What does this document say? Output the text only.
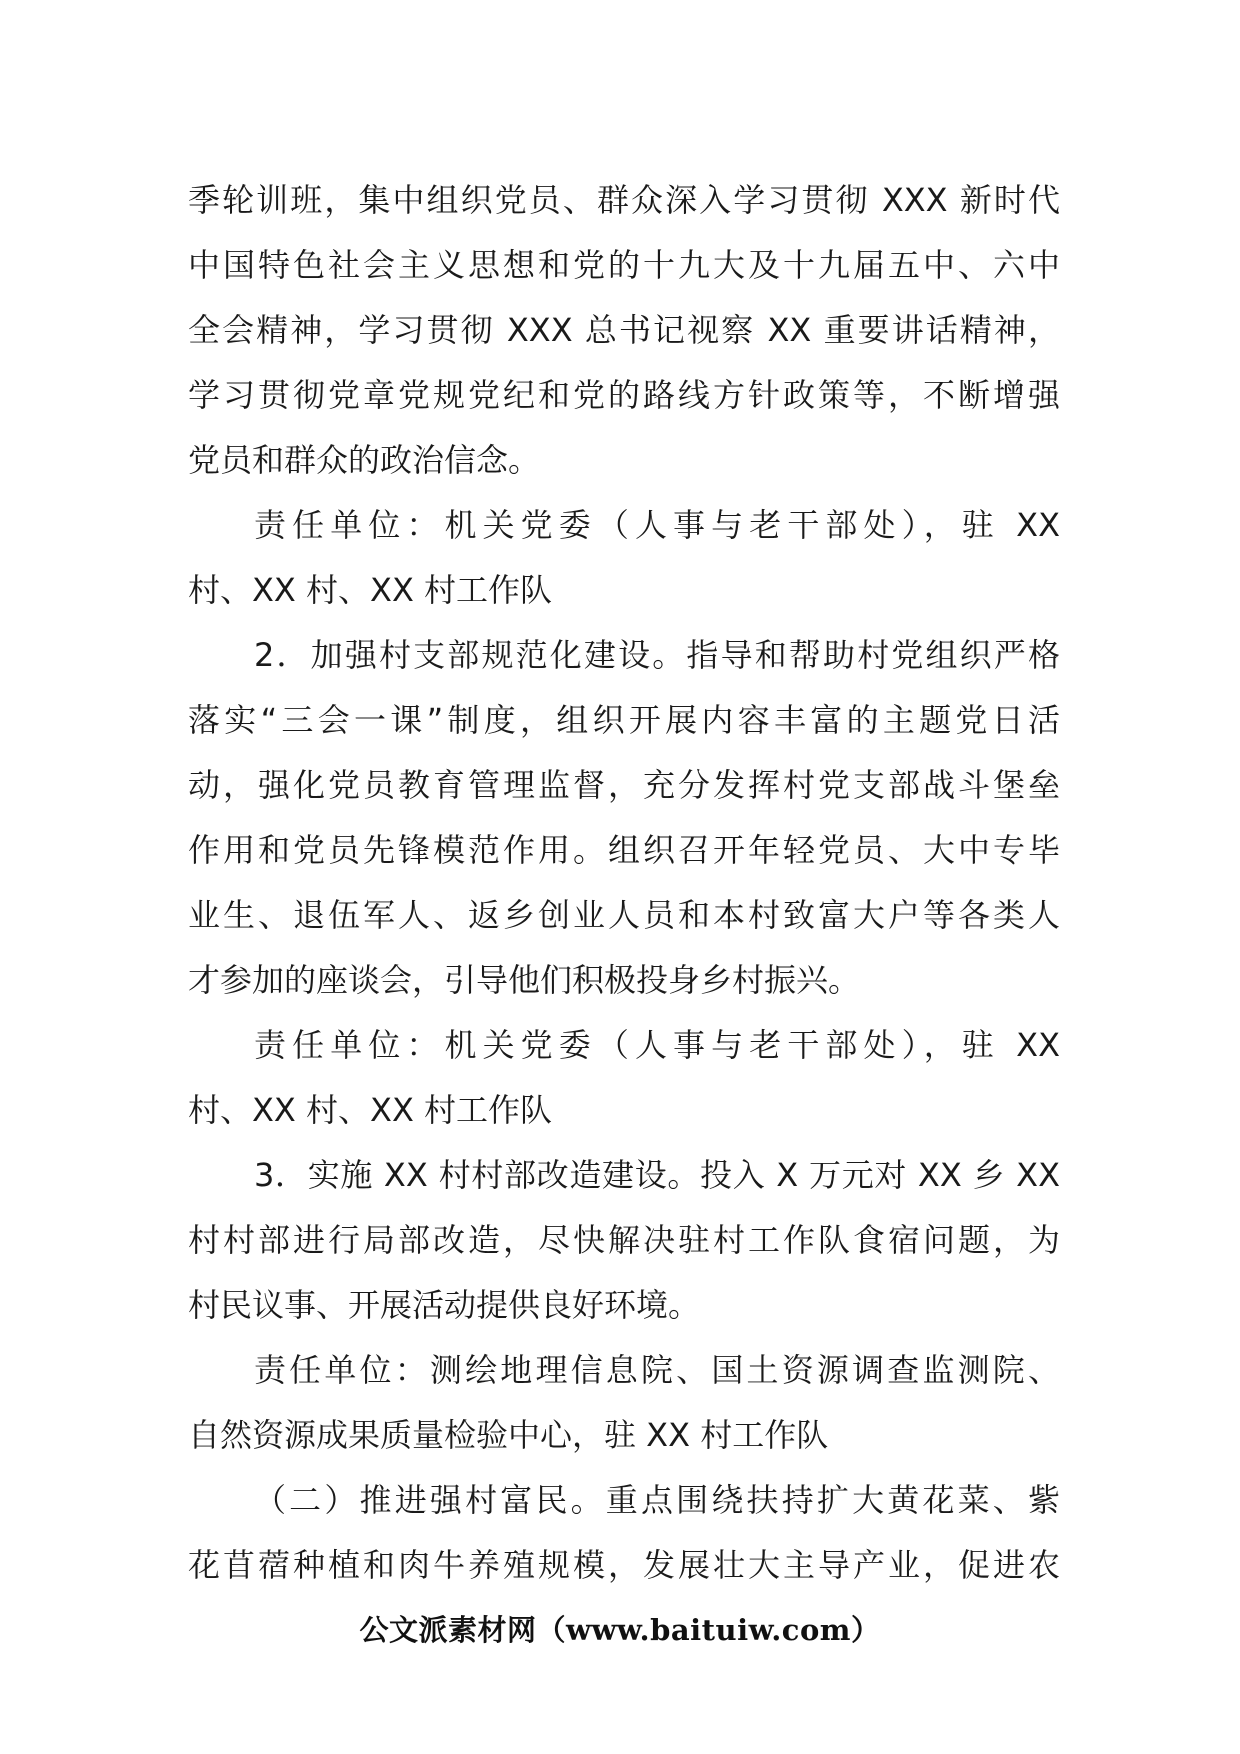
季轮训班，集中组织党员、群众深入学习贯彻 XXX 新时代
中国特色社会主义思想和党的十九大及十九届五中、六中
全会精神，学习贯彻 XXX 总书记视察 XX 重要讲话精神，
学习贯彻党章党规党纪和党的路线方针政策等，不断增强
党员和群众的政治信念。
责任单位：机关党委（人事与老干部处），驻 XX
村、XX 村、XX 村工作队
2．加强村支部规范化建设。指导和帮助村党组织严格
落实“三会一课”制度，组织开展内容丰富的主题党日活
动，强化党员教育管理监督，充分发挥村党支部战斗堡垒
作用和党员先锋模范作用。组织召开年轻党员、大中专毕
业生、退伍军人、返乡创业人员和本村致富大户等各类人
才参加的座谈会，引导他们积极投身乡村振兴。
责任单位：机关党委（人事与老干部处），驻 XX
村、XX 村、XX 村工作队
3．实施 XX 村村部改造建设。投入 X 万元对 XX 乡 XX
村村部进行局部改造，尽快解决驻村工作队食宿问题，为
村民议事、开展活动提供良好环境。
责任单位：测绘地理信息院、国土资源调查监测院、
自然资源成果质量检验中心，驻 XX 村工作队
（二）推进强村富民。重点围绕扶持扩大黄花菜、紫
花苜蓿种植和肉牛养殖规模，发展壮大主导产业，促进农
公文派素材网（www.baituiw.com）
